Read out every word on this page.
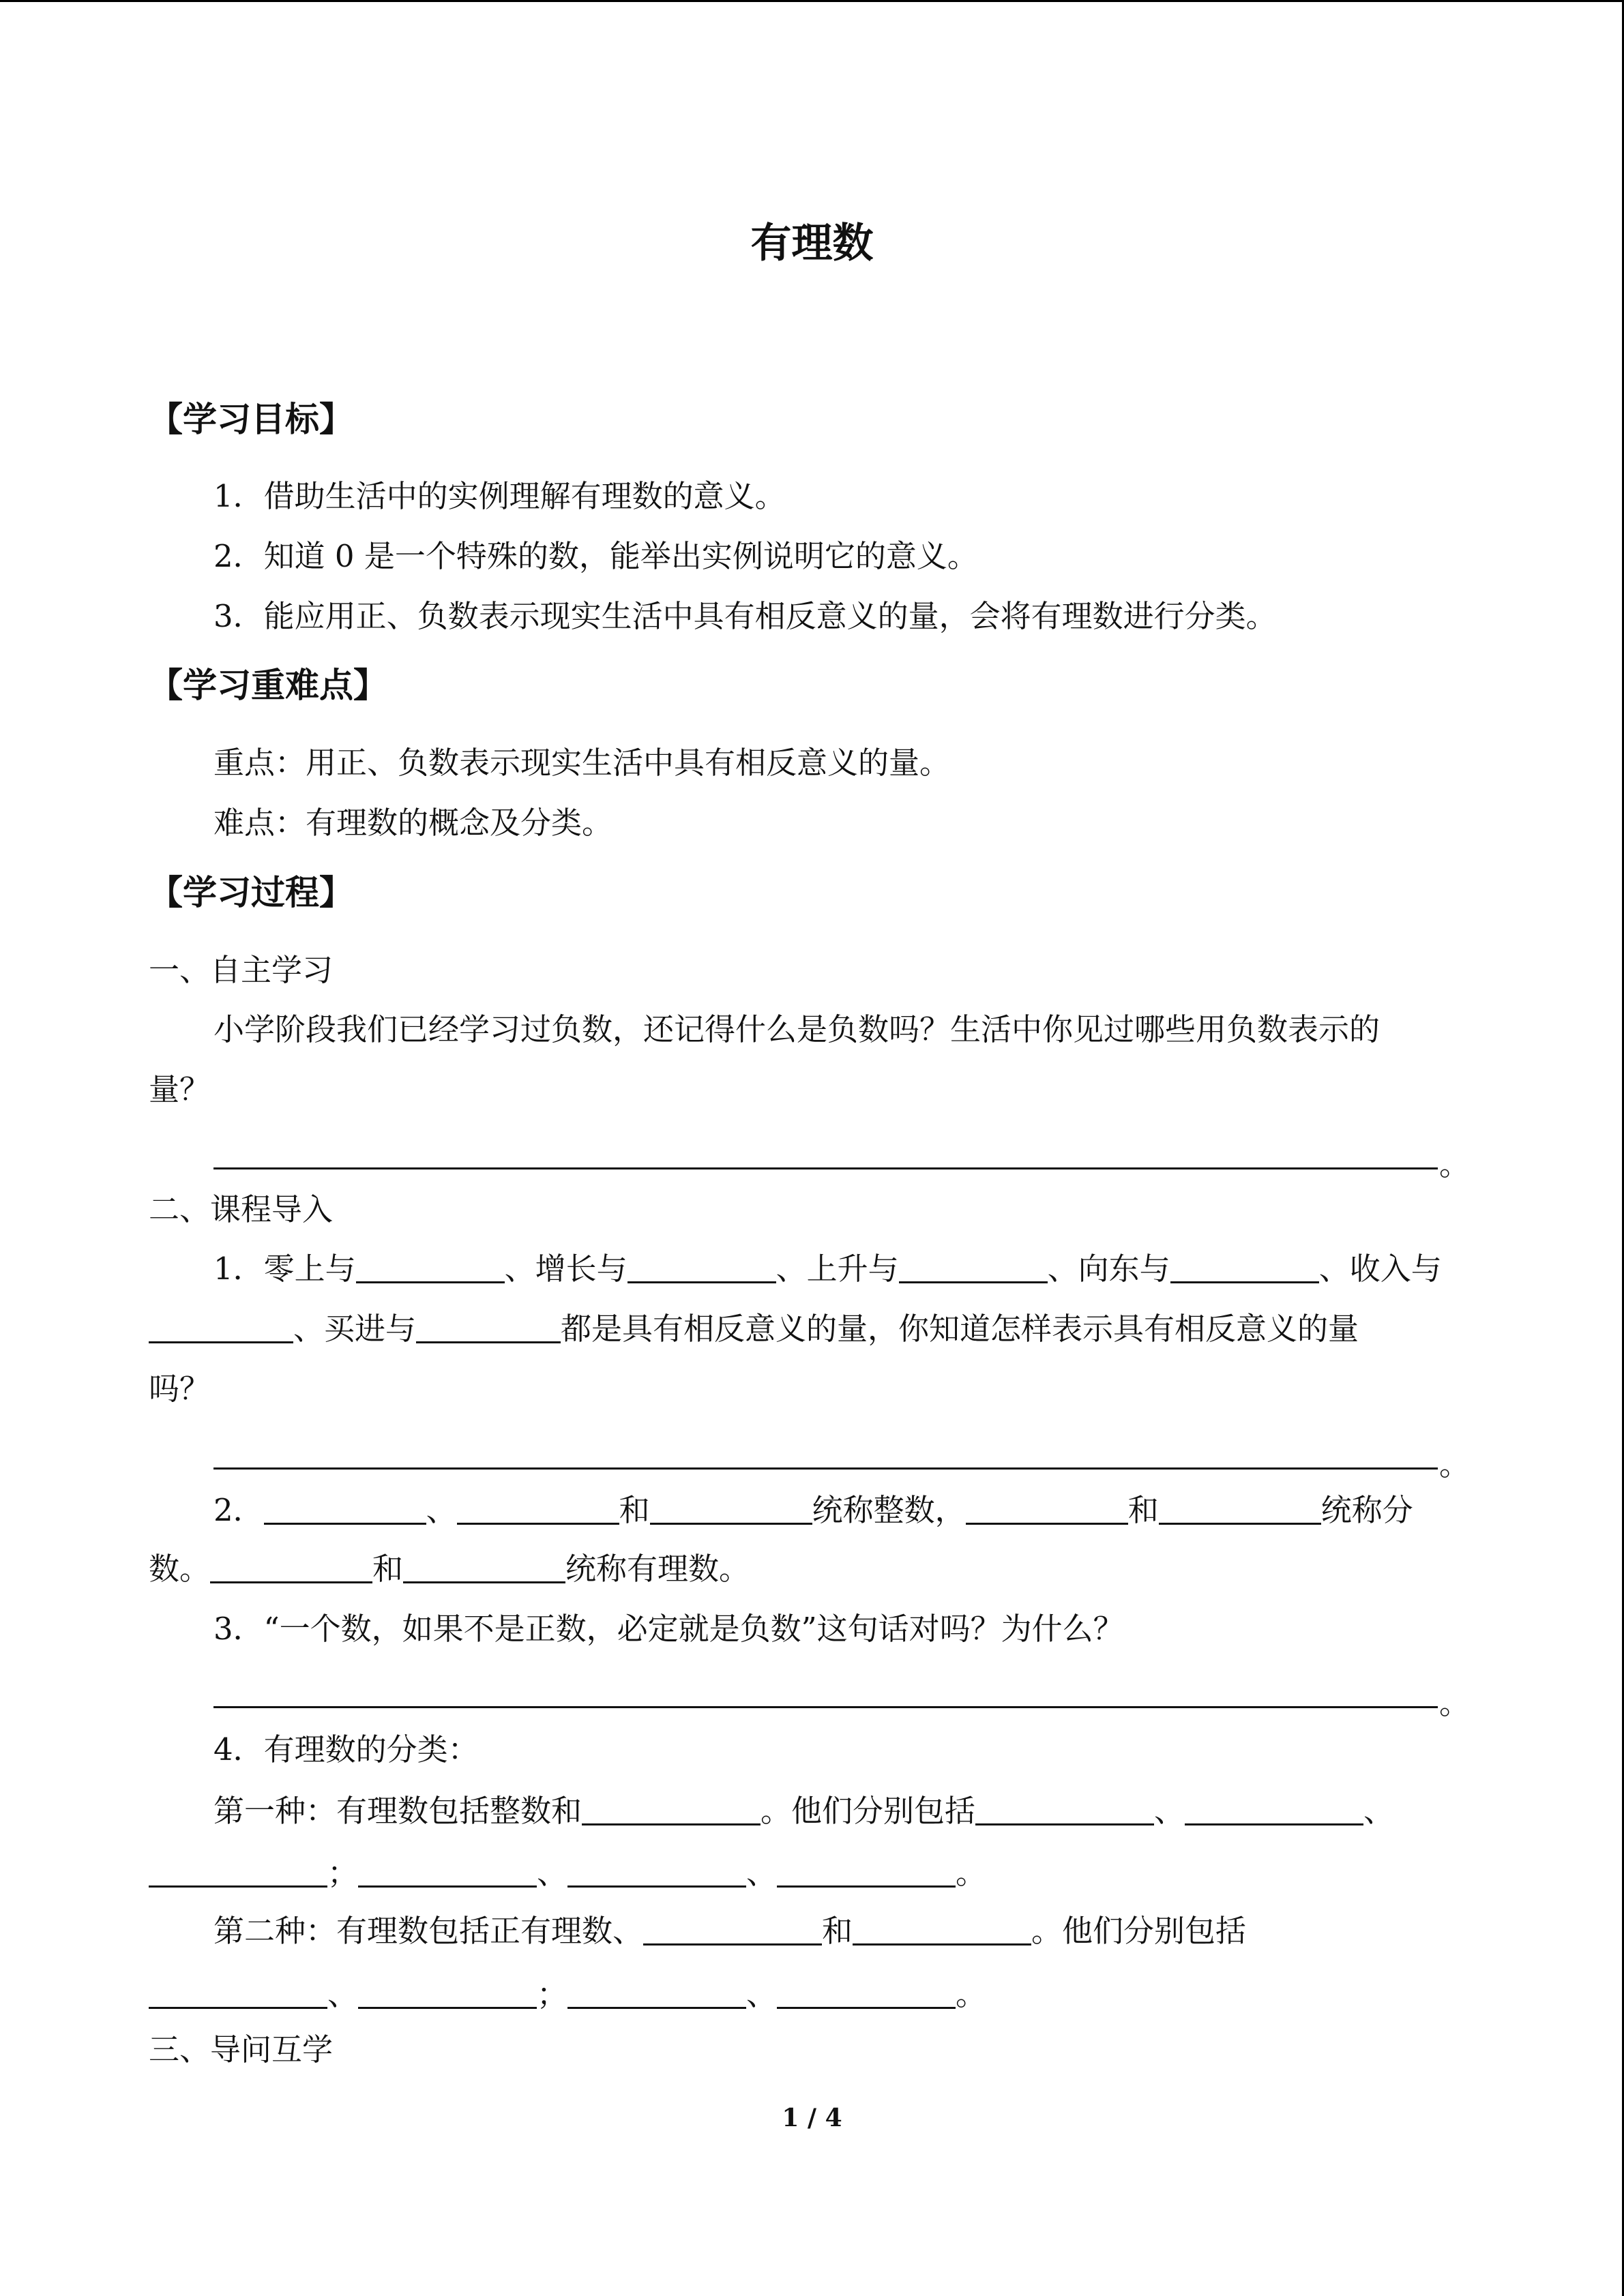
有理数
【学习目标】
1．借助生活中的实例理解有理数的意义。
2．知道 0 是一个特殊的数，能举出实例说明它的意义。
3．能应用正、负数表示现实生活中具有相反意义的量，会将有理数进行分类。
【学习重难点】
重点：用正、负数表示现实生活中具有相反意义的量。
难点：有理数的概念及分类。
【学习过程】
一、自主学习
小学阶段我们已经学习过负数，还记得什么是负数吗？生活中你见过哪些用负数表示的
量？
。
二、课程导入
1．零上与	、增长与	、上升与	、向东与	、收入与
、买进与	都是具有相反意义的量，你知道怎样表示具有相反意义的量
吗？
。
2．	、	和	统称整数，	和	统称分
数。	和	统称有理数。
3．“一个数，如果不是正数，必定就是负数”这句话对吗？为什么？
。
4．有理数的分类：
第一种：有理数包括整数和	。他们分别包括	、	、
；	、	、	。
第二种：有理数包括正有理数、	和	。他们分别包括
、	；	、	。
三、导问互学
1 / 4
